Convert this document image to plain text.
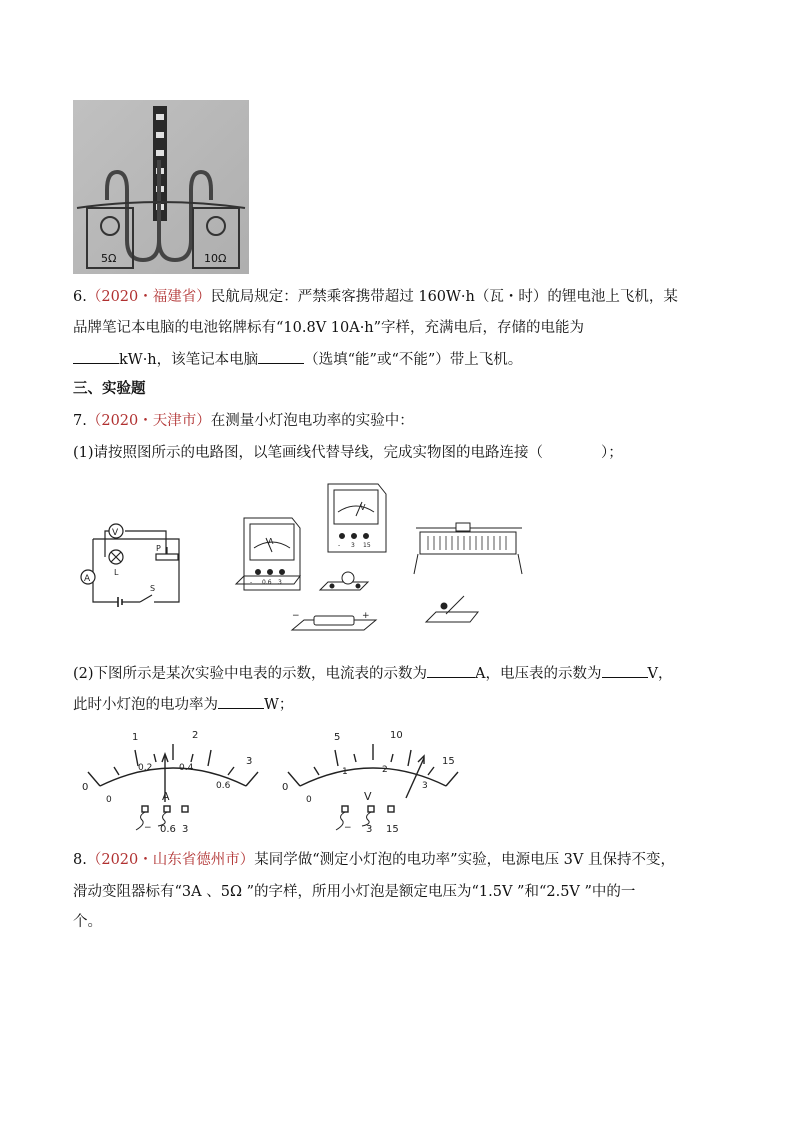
5Ω	10Ω
6.（2020・福建省）民航局规定：严禁乘客携带超过 160W·h（瓦・时）的锂电池上飞机，某
品牌笔记本电脑的电池铭牌标有“10.8V 10A·h”字样，充满电后，存储的电能为
kW·h，该笔记本电脑	（选填“能”或“不能”）带上飞机。
三、实验题
7.（2020・天津市）在测量小灯泡电功率的实验中：
(1)请按照图所示的电路图，以笔画线代替导线，完成实物图的电路连接（	）；
V
L
P
A
S
A
- 0.6 3
V
- 3 15
−	+
(2)下图所示是某次实验中电表的示数，电流表的示数为	A，电压表的示数为	V，
此时小灯泡的电功率为	W；
0
1	2
3
0
0.2	0.4
0.6
A
− 0.6 3
0
5	10
15
0
1	2
3
V
− 3 15
8.（2020・山东省德州市）某同学做“测定小灯泡的电功率”实验，电源电压 3V 且保持不变，
滑动变阻器标有“3A 、5Ω ”的字样，所用小灯泡是额定电压为“1.5V ”和“2.5V ”中的一
个。
